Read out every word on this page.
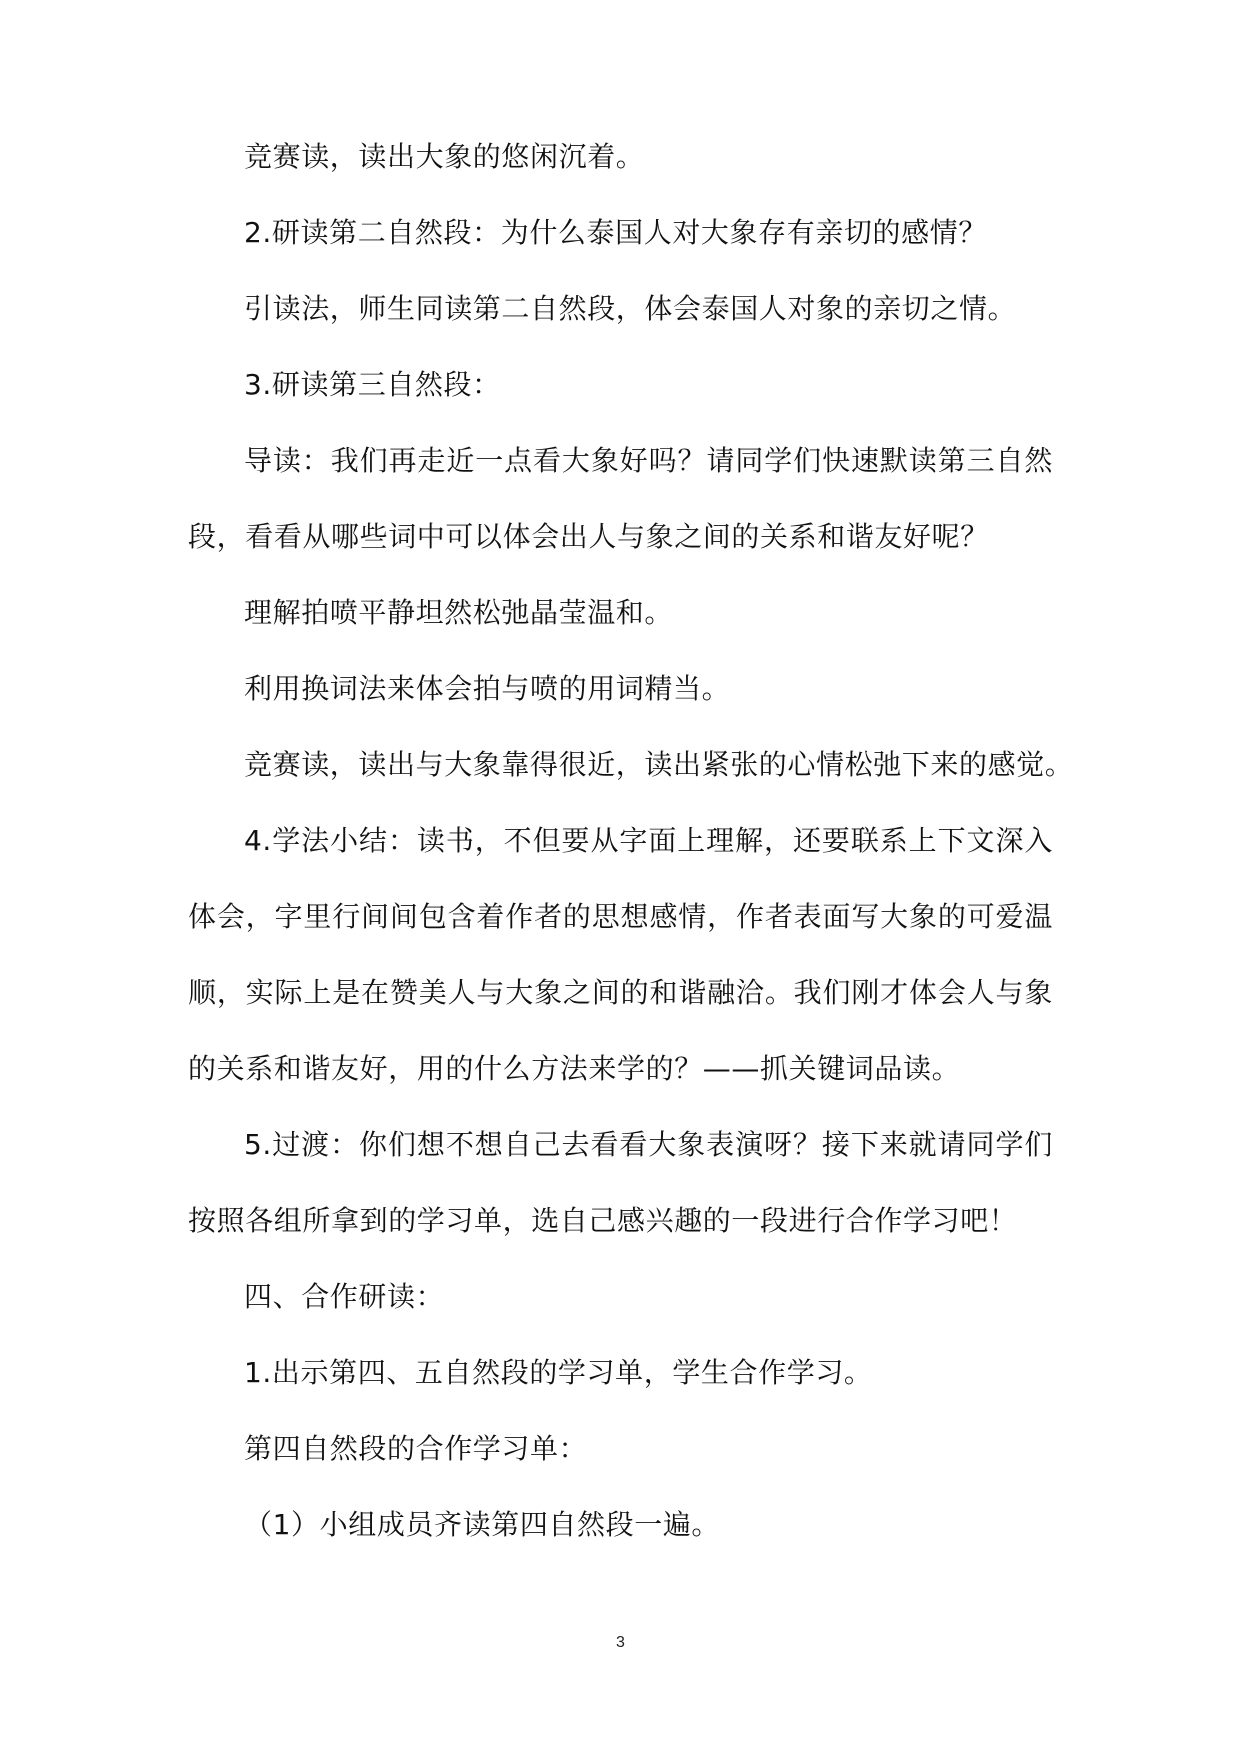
竞赛读，读出大象的悠闲沉着。
2.研读第二自然段：为什么泰国人对大象存有亲切的感情？
引读法，师生同读第二自然段，体会泰国人对象的亲切之情。
3.研读第三自然段：
导读：我们再走近一点看大象好吗？请同学们快速默读第三自然
段，看看从哪些词中可以体会出人与象之间的关系和谐友好呢？
理解拍喷平静坦然松弛晶莹温和。
利用换词法来体会拍与喷的用词精当。
竞赛读，读出与大象靠得很近，读出紧张的心情松弛下来的感觉。
4.学法小结：读书，不但要从字面上理解，还要联系上下文深入
体会，字里行间间包含着作者的思想感情，作者表面写大象的可爱温
顺，实际上是在赞美人与大象之间的和谐融洽。我们刚才体会人与象
的关系和谐友好，用的什么方法来学的？——抓关键词品读。
5.过渡：你们想不想自己去看看大象表演呀？接下来就请同学们
按照各组所拿到的学习单，选自己感兴趣的一段进行合作学习吧！
四、合作研读：
1.出示第四、五自然段的学习单，学生合作学习。
第四自然段的合作学习单：
（1）小组成员齐读第四自然段一遍。
3
